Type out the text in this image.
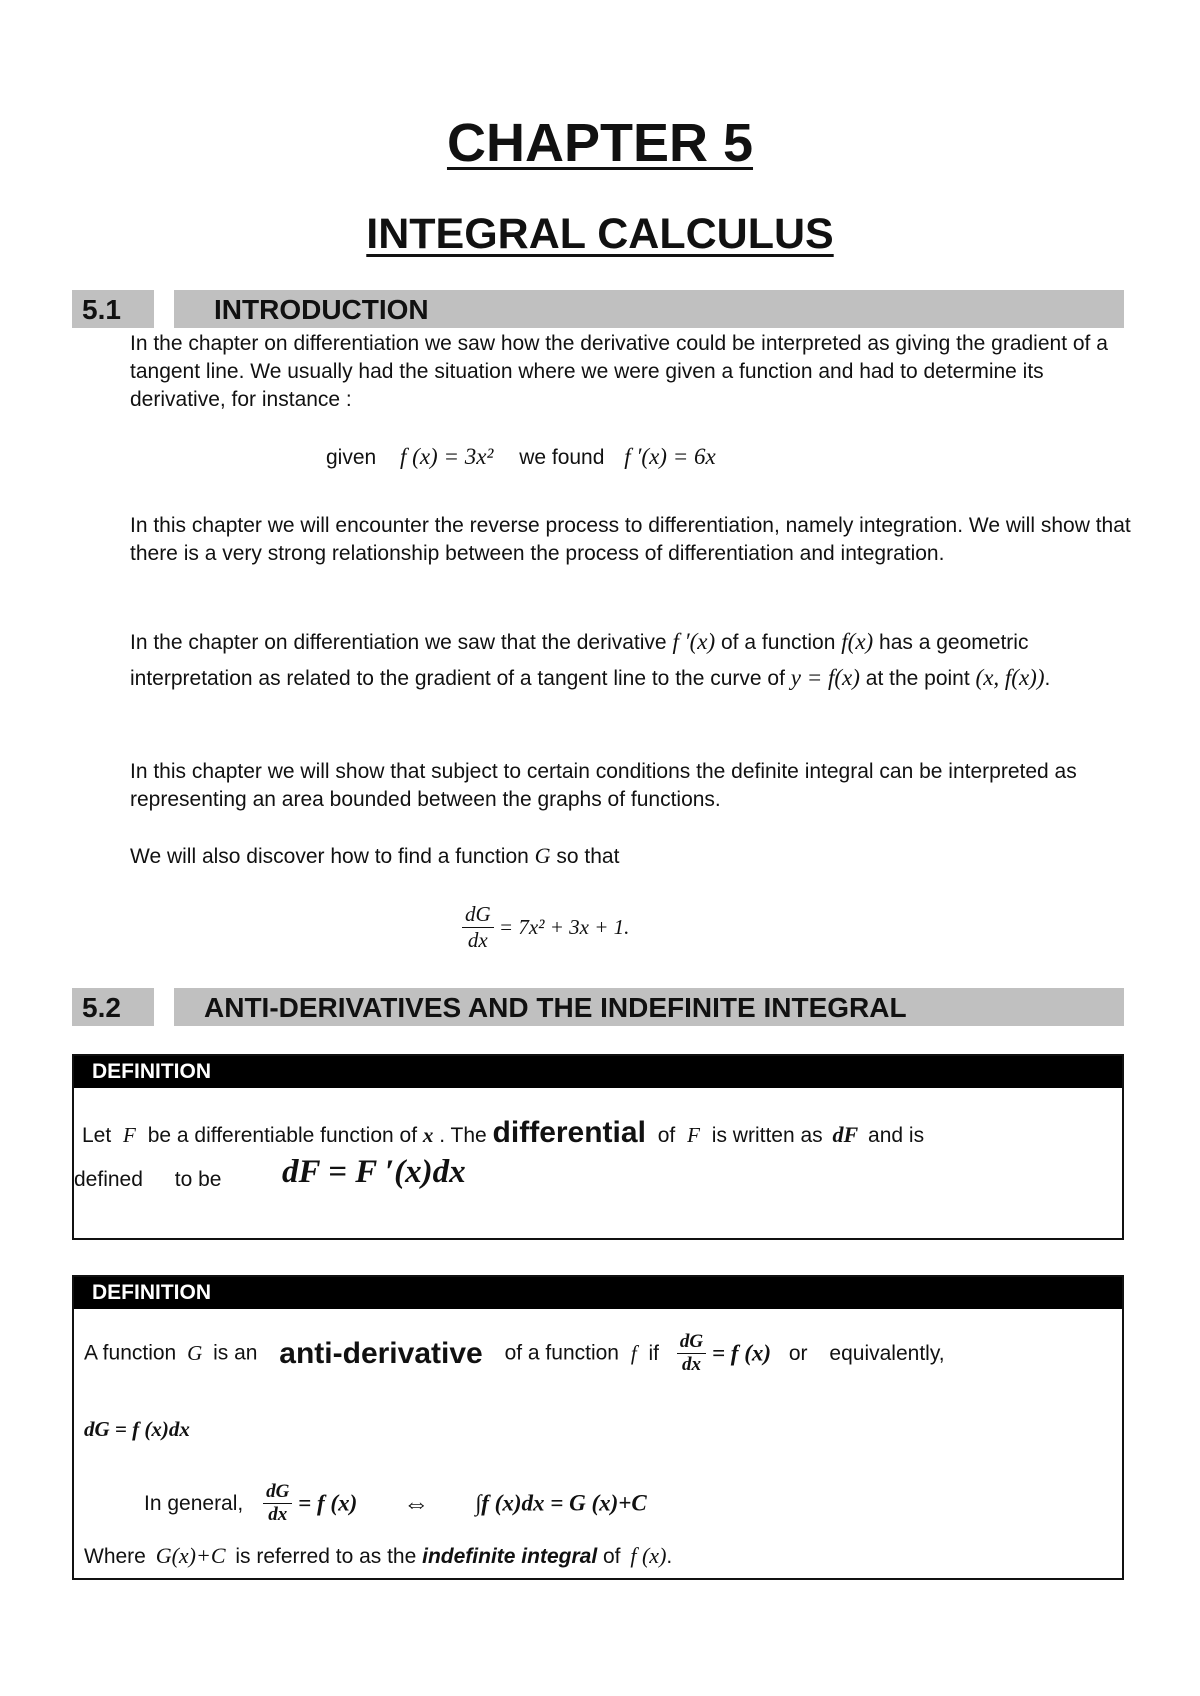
CHAPTER 5
INTEGRAL CALCULUS
5.1	INTRODUCTION
In the chapter on differentiation we saw how the derivative could be interpreted as giving the gradient of a tangent line. We usually had the situation where we were given a function and had to determine its derivative, for instance :
given f (x) = 3x² we found f ′(x) = 6x
In this chapter we will encounter the reverse process to differentiation, namely integration. We will show that there is a very strong relationship between the process of differentiation and integration.
In the chapter on differentiation we saw that the derivative f ′(x) of a function f(x) has a geometric interpretation as related to the gradient of a tangent line to the curve of y = f(x) at the point (x, f(x)).
In this chapter we will show that subject to certain conditions the definite integral can be interpreted as representing an area bounded between the graphs of functions.
We will also discover how to find a function G so that
$\frac{dG}{dx} = 7x^2 + 3x + 1$.
5.2	ANTI-DERIVATIVES AND THE INDEFINITE INTEGRAL
DEFINITION
Let F be a differentiable function of x . The differential of F is written as dF and is
defined to be dF = F ′(x)dx
DEFINITION
A function G is an anti-derivative of a function f if $\frac{dG}{dx} = f$ (x) or equivalently,
dG = f (x)dx
In general, $\frac{dG}{dx} = f$ (x) ⇔ ∫f (x)dx = G (x)+C
Where G(x)+C is referred to as the indefinite integral of f (x).
